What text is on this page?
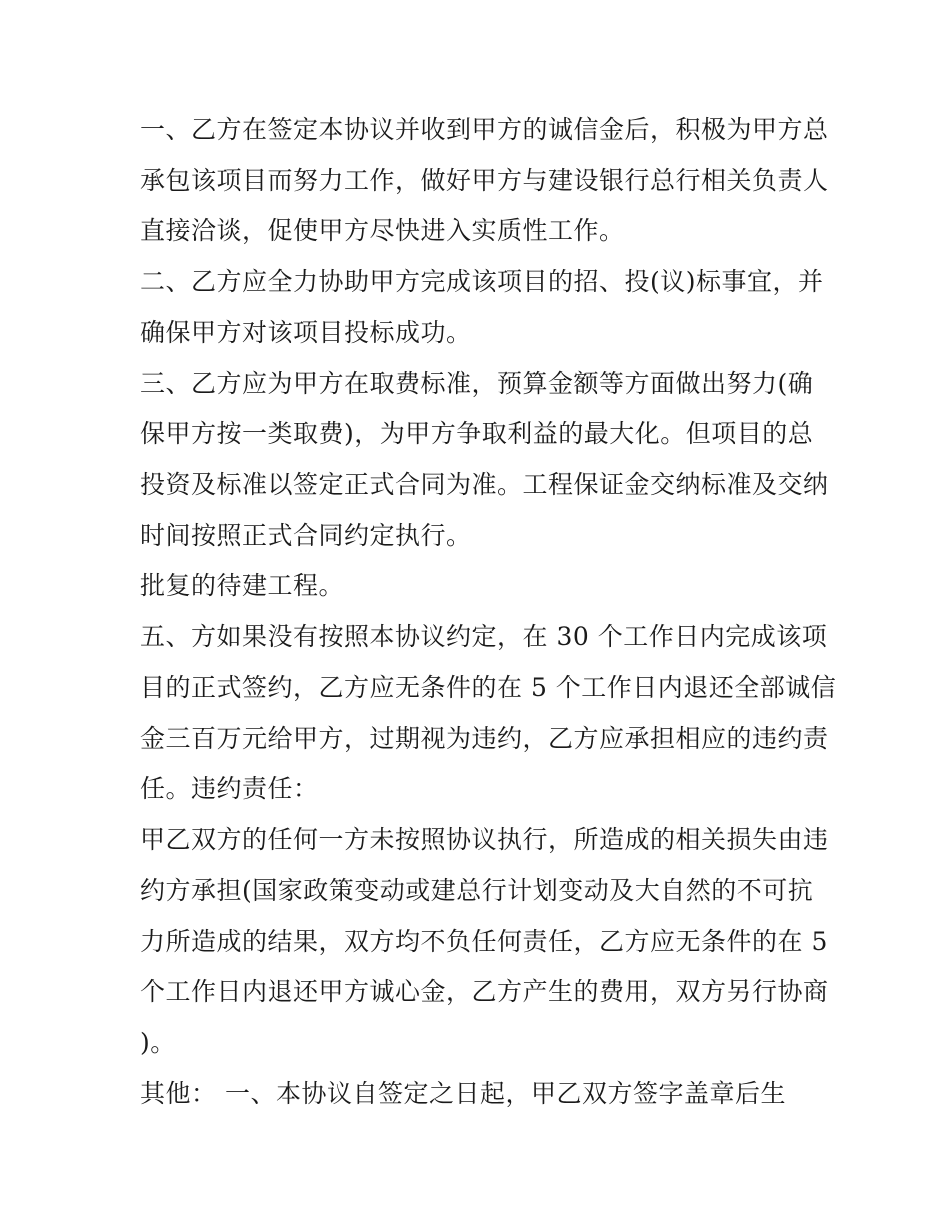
一、乙方在签定本协议并收到甲方的诚信金后，积极为甲方总
承包该项目而努力工作，做好甲方与建设银行总行相关负责人
直接洽谈，促使甲方尽快进入实质性工作。
二、乙方应全力协助甲方完成该项目的招、投(议)标事宜，并
确保甲方对该项目投标成功。
三、乙方应为甲方在取费标准，预算金额等方面做出努力(确
保甲方按一类取费)，为甲方争取利益的最大化。但项目的总
投资及标准以签定正式合同为准。工程保证金交纳标准及交纳
时间按照正式合同约定执行。
批复的待建工程。
五、方如果没有按照本协议约定，在 30 个工作日内完成该项
目的正式签约，乙方应无条件的在 5 个工作日内退还全部诚信
金三百万元给甲方，过期视为违约，乙方应承担相应的违约责
任。违约责任：
甲乙双方的任何一方未按照协议执行，所造成的相关损失由违
约方承担(国家政策变动或建总行计划变动及大自然的不可抗
力所造成的结果，双方均不负任何责任，乙方应无条件的在 5
个工作日内退还甲方诚心金，乙方产生的费用，双方另行协商
)。
其他： 一、本协议自签定之日起，甲乙双方签字盖章后生
